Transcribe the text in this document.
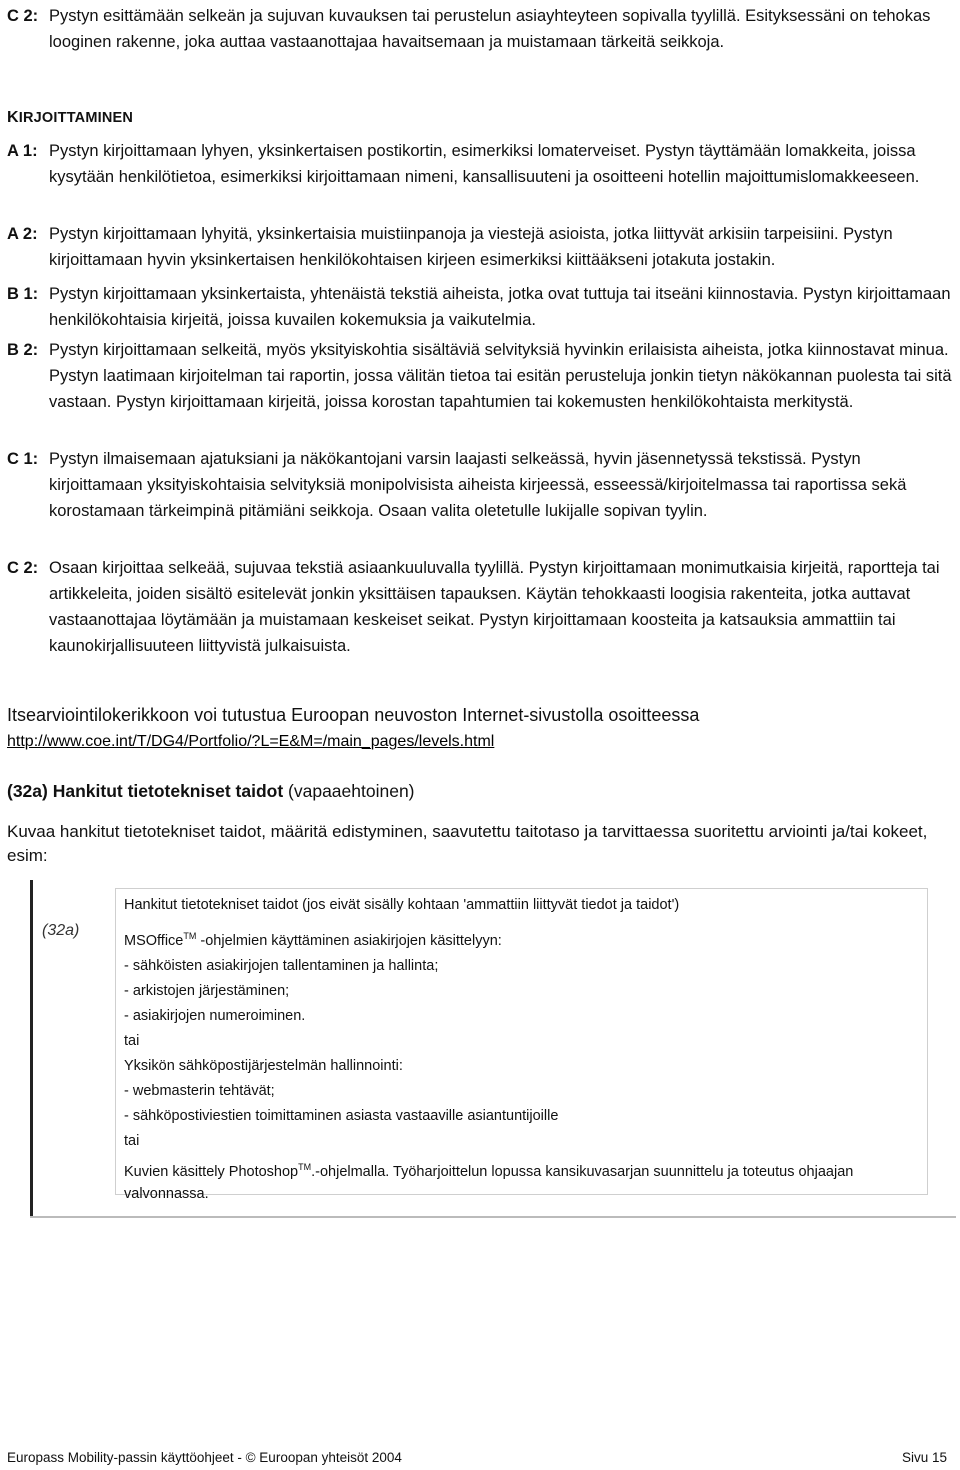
C 2: Pystyn esittämään selkeän ja sujuvan kuvauksen tai perustelun asiayhteyteen sopivalla tyylillä. Esityksessäni on tehokas looginen rakenne, joka auttaa vastaanottajaa havaitsemaan ja muistamaan tärkeitä seikkoja.

KIRJOITTAMINEN
A 1: Pystyn kirjoittamaan lyhyen, yksinkertaisen postikortin, esimerkiksi lomaterveiset. Pystyn täyttämään lomakkeita, joissa kysytään henkilötietoa, esimerkiksi kirjoittamaan nimeni, kansallisuuteni ja osoitteeni hotellin majoittumislomakkeeseen.

A 2: Pystyn kirjoittamaan lyhyitä, yksinkertaisia muistiinpanoja ja viestejä asioista, jotka liittyvät arkisiin tarpeisiini. Pystyn kirjoittamaan hyvin yksinkertaisen henkilökohtaisen kirjeen esimerkiksi kiittääkseni jotakuta jostakin.

B 1: Pystyn kirjoittamaan yksinkertaista, yhtenäistä tekstiä aiheista, jotka ovat tuttuja tai itseäni kiinnostavia. Pystyn kirjoittamaan henkilökohtaisia kirjeitä, joissa kuvailen kokemuksia ja vaikutelmia.

B 2: Pystyn kirjoittamaan selkeitä, myös yksityiskohtia sisältäviä selvityksiä hyvinkin erilaisista aiheista, jotka kiinnostavat minua. Pystyn laatimaan kirjoitelman tai raportin, jossa välitän tietoa tai esitän perusteluja jonkin tietyn näkökannan puolesta tai sitä vastaan. Pystyn kirjoittamaan kirjeitä, joissa korostan tapahtumien tai kokemusten henkilökohtaista merkitystä.

C 1: Pystyn ilmaisemaan ajatuksiani ja näkökantojani varsin laajasti selkeässä, hyvin jäsennetyssä tekstissä. Pystyn kirjoittamaan yksityiskohtaisia selvityksiä monipolvisista aiheista kirjeessä, esseessä/kirjoitelmassa tai raportissa sekä korostamaan tärkeimpinä pitämiäni seikkoja. Osaan valita oletetulle lukijalle sopivan tyylin.

C 2: Osaan kirjoittaa selkeää, sujuvaa tekstiä asiaankuuluvalla tyylillä. Pystyn kirjoittamaan monimutkaisia kirjeitä, raportteja tai artikkeleita, joiden sisältö esitelevät jonkin yksittäisen tapauksen. Käytän tehokkaasti loogisia rakenteita, jotka auttavat vastaanottajaa löytämään ja muistamaan keskeiset seikat. Pystyn kirjoittamaan koosteita ja katsauksia ammattiin tai kaunokirjallisuuteen liittyvistä julkaisuista.

Itsearviointilokerikkoon voi tutustua Euroopan neuvoston Internet-sivustolla osoitteessa
http://www.coe.int/T/DG4/Portfolio/?L=E&M=/main_pages/levels.html
(32a) Hankitut tietotekniset taidot (vapaaehtoinen)
Kuvaa hankitut tietotekniset taidot, määritä edistyminen, saavutettu taitotaso ja tarvittaessa suoritettu arviointi ja/tai kokeet, esim:
(32a)

Hankitut tietotekniset taidot (jos eivät sisälly kohtaan 'ammattiin liittyvät tiedot ja taidot')

MSOffice™ -ohjelmien käyttäminen asiakirjojen käsittelyyn:

- sähköisten asiakirjojen tallentaminen ja hallinta;

- arkistojen järjestäminen;

- asiakirjojen numeroiminen.

tai

Yksikön sähköpostijärjestelmän hallinnointi:

- webmasterin tehtävät;

- sähköpostiviestien toimittaminen asiasta vastaaville asiantuntijoille

tai

Kuvien käsittely Photoshop™.-ohjelmalla. Työharjoittelun lopussa kansikuvasarjan suunnittelu ja toteutus ohjaajan valvonnassa.

Europass Mobility-passin käyttöohjeet - © Euroopan yhteisöt 2004	Sivu 15
